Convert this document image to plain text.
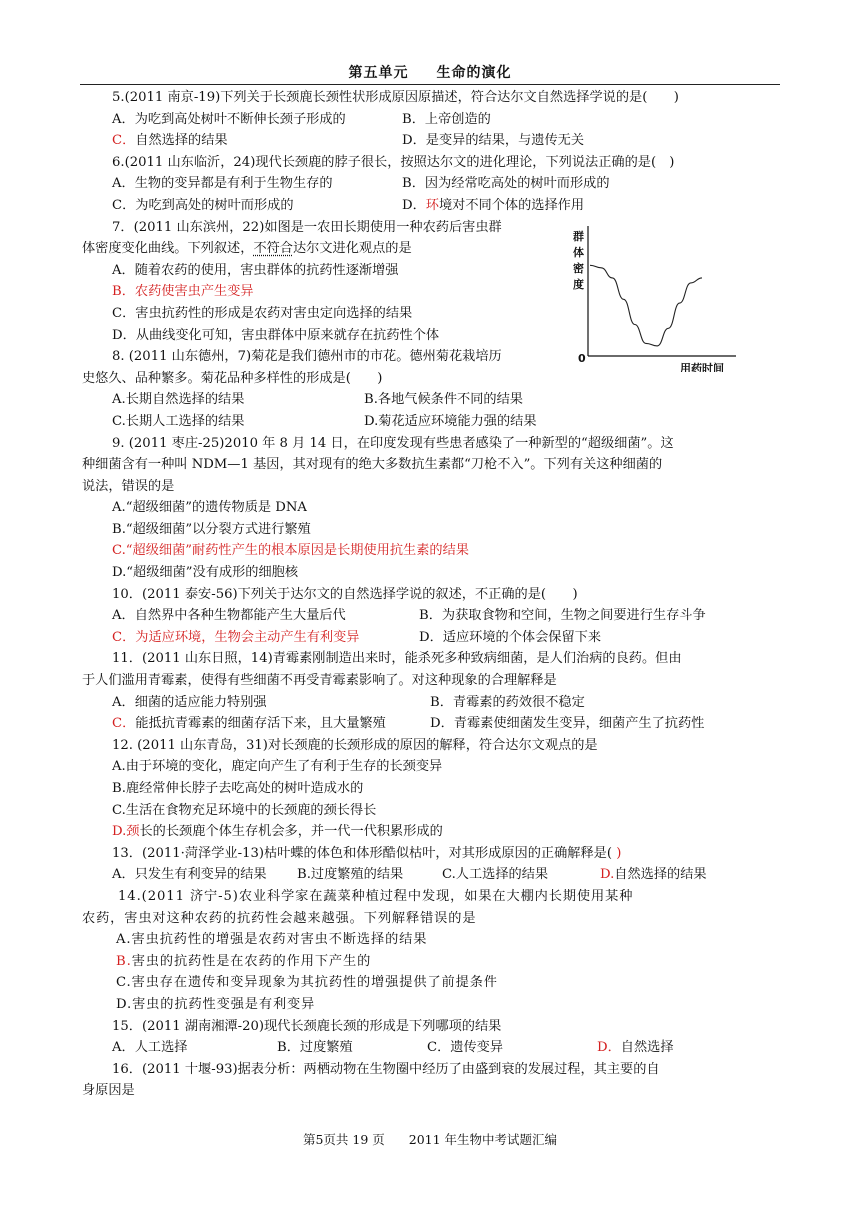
第五单元 生命的演化
5.(2011 南京-19)下列关于长颈鹿长颈性状形成原因原描述，符合达尔文自然选择学说的是(　　)
A．为吃到高处树叶不断伸长颈子形成的	B．上帝创造的
C．自然选择的结果	D．是变异的结果，与遗传无关
6.(2011 山东临沂，24)现代长颈鹿的脖子很长，按照达尔文的进化理论，下列说法正确的是(　)
A．生物的变异都是有利于生物生存的	B．因为经常吃高处的树叶而形成的
C．为吃到高处的树叶而形成的	D．环境对不同个体的选择作用
7．(2011 山东滨州，22)如图是一农田长期使用一种农药后害虫群
体密度变化曲线。下列叙述，不符合达尔文进化观点的是
A．随着农药的使用，害虫群体的抗药性逐渐增强
B．农药使害虫产生变异
C．害虫抗药性的形成是农药对害虫定向选择的结果
D．从曲线变化可知，害虫群体中原来就存在抗药性个体
8. (2011 山东德州，7)菊花是我们德州市的市花。德州菊花栽培历
史悠久、品种繁多。菊花品种多样性的形成是(　　)
A.长期自然选择的结果	B.各地气候条件不同的结果
C.长期人工选择的结果	D.菊花适应环境能力强的结果
9. (2011 枣庄-25)2010 年 8 月 14 日，在印度发现有些患者感染了一种新型的“超级细菌”。这
种细菌含有一种叫 NDM—1 基因，其对现有的绝大多数抗生素都“刀枪不入”。下列有关这种细菌的
说法，错误的是
A.“超级细菌”的遗传物质是 DNA
B.“超级细菌”以分裂方式进行繁殖
C.“超级细菌”耐药性产生的根本原因是长期使用抗生素的结果
D.“超级细菌”没有成形的细胞核
10．(2011 泰安-56)下列关于达尔文的自然选择学说的叙述，不正确的是(　　)
A．自然界中各种生物都能产生大量后代	B．为获取食物和空间，生物之间要进行生存斗争
C．为适应环境，生物会主动产生有利变异	D．适应环境的个体会保留下来
11．(2011 山东日照，14)青霉素刚制造出来时，能杀死多种致病细菌，是人们治病的良药。但由
于人们滥用青霉素，使得有些细菌不再受青霉素影响了。对这种现象的合理解释是
A．细菌的适应能力特别强	B．青霉素的药效很不稳定
C．能抵抗青霉素的细菌存活下来，且大量繁殖	D．青霉素使细菌发生变异，细菌产生了抗药性
12. (2011 山东青岛，31)对长颈鹿的长颈形成的原因的解释，符合达尔文观点的是
A.由于环境的变化，鹿定向产生了有利于生存的长颈变异
B.鹿经常伸长脖子去吃高处的树叶造成水的
C.生活在食物充足环境中的长颈鹿的颈长得长
D.颈长的长颈鹿个体生存机会多，并一代一代积累形成的
13．(2011·菏泽学业-13)枯叶蝶的体色和体形酷似枯叶，对其形成原因的正确解释是( )
A．只发生有利变异的结果	B.过度繁殖的结果	C.人工选择的结果	D.自然选择的结果
14.(2011 济宁-5)农业科学家在蔬菜种植过程中发现，如果在大棚内长期使用某种
农药，害虫对这种农药的抗药性会越来越强。下列解释错误的是
A.害虫抗药性的增强是农药对害虫不断选择的结果
B.害虫的抗药性是在农药的作用下产生的
C.害虫存在遗传和变异现象为其抗药性的增强提供了前提条件
D.害虫的抗药性变强是有利变异
15．(2011 湖南湘潭-20)现代长颈鹿长颈的形成是下列哪项的结果
A．人工选择	B．过度繁殖	C．遗传变异	D．自然选择
16．(2011 十堰-93)据表分析：两栖动物在生物圈中经历了由盛到衰的发展过程，其主要的自
身原因是
群
体
密
度
0
用药时间
第5页共 19 页 2011 年生物中考试题汇编
